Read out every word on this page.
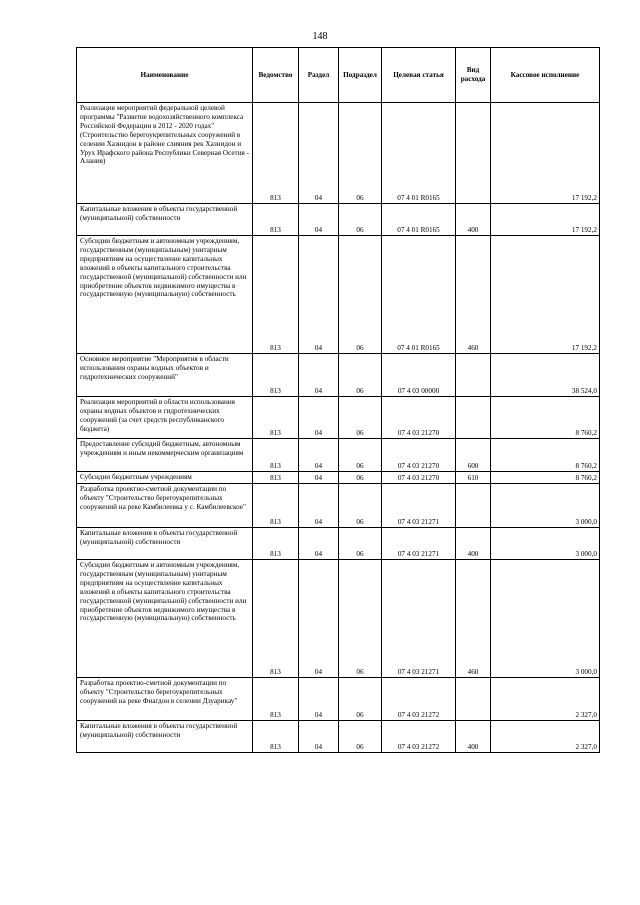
148
Наименование	Ведомство	Раздел	Подраздел	Целевая статья	Вид расхода	Кассовое исполнение
Реализация мероприятий федеральной целевой программы "Развитие водохозяйственного комплекса Российской Федерации в 2012 - 2020 годах" (Строительство берегоукрепительных сооружений в селении Хазнидон в районе слияния рек Хазнидон и Урух Ирафского района Республики Северная Осетия - Алания)	813	04	06	07 4 01 R0165		17 192,2
Капитальные вложения в объекты государственной (муниципальной) собственности	813	04	06	07 4 01 R0165	400	17 192,2
Субсидии бюджетным и автономным учреждениям, государственным (муниципальным) унитарным предприятиям на осуществление капитальных вложений в объекты капитального строительства государственной (муниципальной) собственности или приобретение объектов недвижимого имущества в государственную (муниципальную) собственность	813	04	06	07 4 01 R0165	460	17 192,2
Основное мероприятие "Мероприятия в области использования охраны водных объектов и гидротехнических сооружений"	813	04	06	07 4 03 00000		38 524,0
Реализация мероприятий в области использования охраны водных объектов и гидротехнических сооружений (за счет средств республиканского бюджета)	813	04	06	07 4 03 21270		8 760,2
Предоставление субсидий бюджетным, автономным учреждениям и иным некоммерческим организациям	813	04	06	07 4 03 21270	600	8 760,2
Субсидии бюджетным учреждениям	813	04	06	07 4 03 21270	610	8 760,2
Разработка проектно-сметной документации по объекту "Строительство берегоукрепительных сооружений на реке Камбилеевка у с. Камбилеевское"	813	04	06	07 4 03 21271		3 000,0
Капитальные вложения в объекты государственной (муниципальной) собственности	813	04	06	07 4 03 21271	400	3 000,0
Субсидии бюджетным и автономным учреждениям, государственным (муниципальным) унитарным предприятиям на осуществление капитальных вложений в объекты капитального строительства государственной (муниципальной) собственности или приобретение объектов недвижимого имущества в государственную (муниципальную) собственность	813	04	06	07 4 03 21271	460	3 000,0
Разработка проектно-сметной документации по объекту "Строительство берегоукрепительных сооружений на реке Фиагдон в селении Дзуарикау"	813	04	06	07 4 03 21272		2 327,0
Капитальные вложения в объекты государственной (муниципальной) собственности	813	04	06	07 4 03 21272	400	2 327,0
